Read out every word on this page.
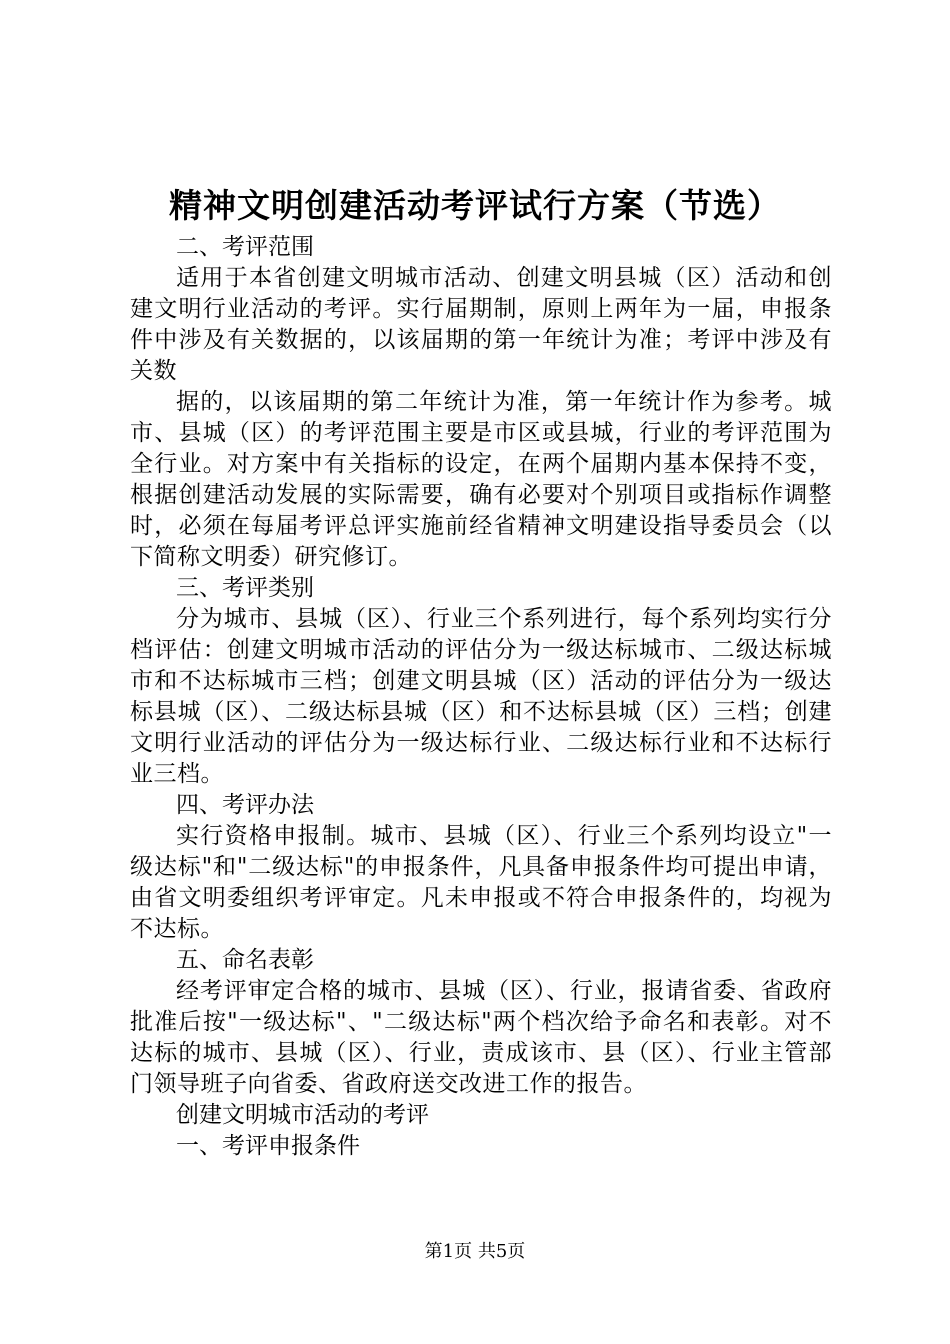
精神文明创建活动考评试行方案（节选）

二、考评范围

适用于本省创建文明城市活动、创建文明县城（区）活动和创建文明行业活动的考评。实行届期制，原则上两年为一届，申报条件中涉及有关数据的，以该届期的第一年统计为准；考评中涉及有关数

据的，以该届期的第二年统计为准，第一年统计作为参考。城市、县城（区）的考评范围主要是市区或县城，行业的考评范围为全行业。对方案中有关指标的设定，在两个届期内基本保持不变，根据创建活动发展的实际需要，确有必要对个别项目或指标作调整时，必须在每届考评总评实施前经省精神文明建设指导委员会（以下简称文明委）研究修订。

三、考评类别

分为城市、县城（区）、行业三个系列进行，每个系列均实行分档评估：创建文明城市活动的评估分为一级达标城市、二级达标城市和不达标城市三档；创建文明县城（区）活动的评估分为一级达标县城（区）、二级达标县城（区）和不达标县城（区）三档；创建文明行业活动的评估分为一级达标行业、二级达标行业和不达标行业三档。

四、考评办法

实行资格申报制。城市、县城（区）、行业三个系列均设立"一级达标"和"二级达标"的申报条件，凡具备申报条件均可提出申请，由省文明委组织考评审定。凡未申报或不符合申报条件的，均视为不达标。

五、命名表彰

经考评审定合格的城市、县城（区）、行业，报请省委、省政府批准后按"一级达标"、"二级达标"两个档次给予命名和表彰。对不达标的城市、县城（区）、行业，责成该市、县（区）、行业主管部门领导班子向省委、省政府送交改进工作的报告。

创建文明城市活动的考评

一、考评申报条件

第1页 共5页
